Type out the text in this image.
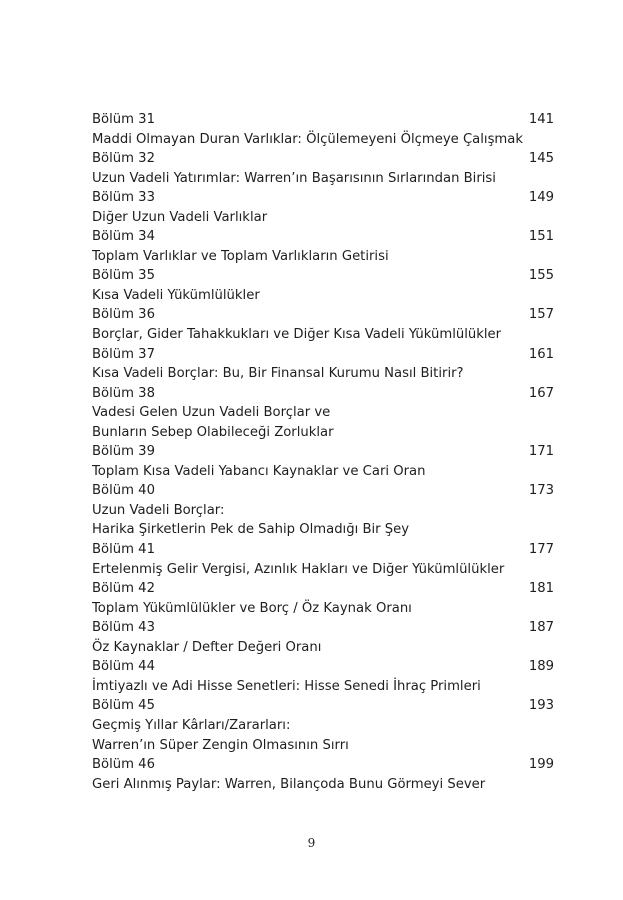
Bölüm 31	141
Maddi Olmayan Duran Varlıklar: Ölçülemeyeni Ölçmeye Çalışmak
Bölüm 32	145
Uzun Vadeli Yatırımlar: Warren’ın Başarısının Sırlarından Birisi
Bölüm 33	149
Diğer Uzun Vadeli Varlıklar
Bölüm 34	151
Toplam Varlıklar ve Toplam Varlıkların Getirisi
Bölüm 35	155
Kısa Vadeli Yükümlülükler
Bölüm 36	157
Borçlar, Gider Tahakkukları ve Diğer Kısa Vadeli Yükümlülükler
Bölüm 37	161
Kısa Vadeli Borçlar: Bu, Bir Finansal Kurumu Nasıl Bitirir?
Bölüm 38	167
Vadesi Gelen Uzun Vadeli Borçlar ve
Bunların Sebep Olabileceği Zorluklar
Bölüm 39	171
Toplam Kısa Vadeli Yabancı Kaynaklar ve Cari Oran
Bölüm 40	173
Uzun Vadeli Borçlar:
Harika Şirketlerin Pek de Sahip Olmadığı Bir Şey
Bölüm 41	177
Ertelenmiş Gelir Vergisi, Azınlık Hakları ve Diğer Yükümlülükler
Bölüm 42	181
Toplam Yükümlülükler ve Borç / Öz Kaynak Oranı
Bölüm 43	187
Öz Kaynaklar / Defter Değeri Oranı
Bölüm 44	189
İmtiyazlı ve Adi Hisse Senetleri: Hisse Senedi İhraç Primleri
Bölüm 45	193
Geçmiş Yıllar Kârları/Zararları:
Warren’ın Süper Zengin Olmasının Sırrı
Bölüm 46	199
Geri Alınmış Paylar: Warren, Bilançoda Bunu Görmeyi Sever
9
